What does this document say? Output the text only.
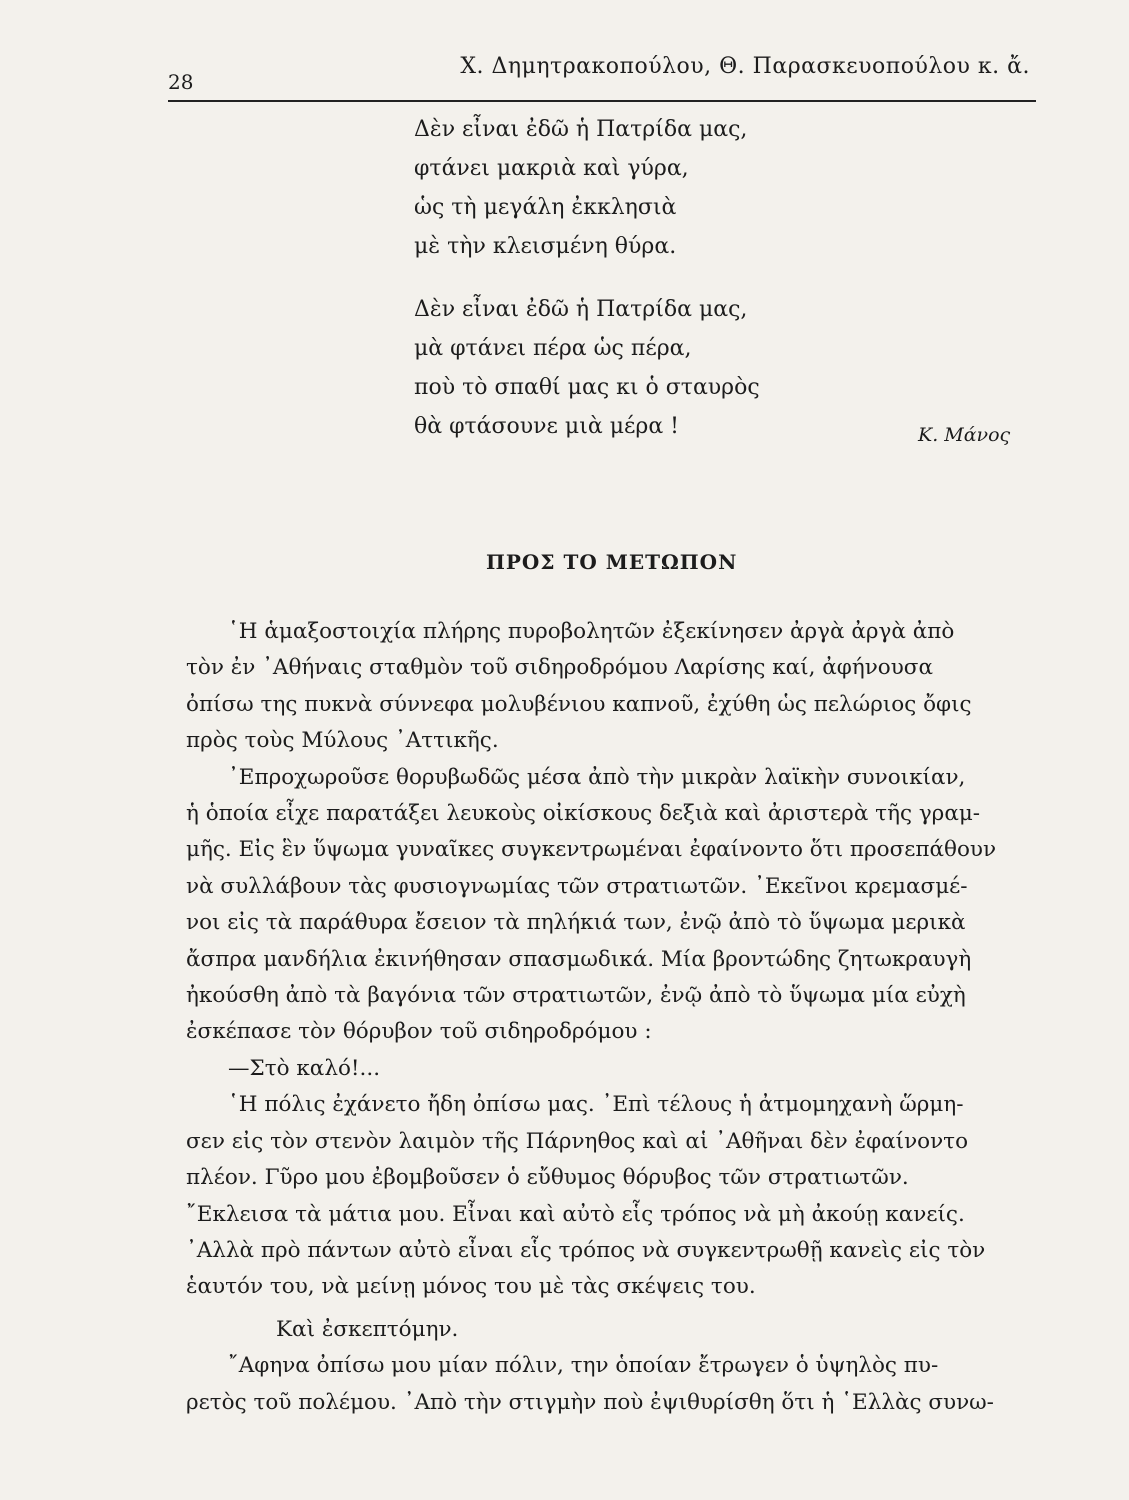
28
Χ. Δημητρακοπούλου, Θ. Παρασκευοπούλου κ. ἄ.
Δὲν εἶναι ἐδῶ ἡ Πατρίδα μας,
φτάνει μακριὰ καὶ γύρα,
ὡς τὴ μεγάλη ἐκκλησιὰ
μὲ τὴν κλεισμένη θύρα.
Δὲν εἶναι ἐδῶ ἡ Πατρίδα μας,
μὰ φτάνει πέρα ὡς πέρα,
ποὺ τὸ σπαθί μας κι ὁ σταυρὸς
θὰ φτάσουνε μιὰ μέρα !	Κ. Μάνος
ΠΡΟΣ ΤΟ ΜΕΤΩΠΟΝ
῾Η ἁμαξοστοιχία πλήρης πυροβολητῶν ἐξεκίνησεν ἀργὰ ἀργὰ ἀπὸ
τὸν ἐν ᾿Αθήναις σταθμὸν τοῦ σιδηροδρόμου Λαρίσης καί, ἀφήνουσα
ὀπίσω της πυκνὰ σύννεφα μολυβένιου καπνοῦ, ἐχύθη ὡς πελώριος ὄφις
πρὸς τοὺς Μύλους ᾿Αττικῆς.
᾿Επροχωροῦσε θορυβωδῶς μέσα ἀπὸ τὴν μικρὰν λαϊκὴν συνοικίαν,
ἡ ὁποία εἶχε παρατάξει λευκοὺς οἰκίσκους δεξιὰ καὶ ἀριστερὰ τῆς γραμ-
μῆς. Εἰς ἓν ὕψωμα γυναῖκες συγκεντρωμέναι ἐφαίνοντο ὅτι προσεπάθουν
νὰ συλλάβουν τὰς φυσιογνωμίας τῶν στρατιωτῶν. ᾿Εκεῖνοι κρεμασμέ-
νοι εἰς τὰ παράθυρα ἔσειον τὰ πηλήκιά των, ἐνῷ ἀπὸ τὸ ὕψωμα μερικὰ
ἄσπρα μανδήλια ἐκινήθησαν σπασμωδικά. Μία βροντώδης ζητωκραυγὴ
ἠκούσθη ἀπὸ τὰ βαγόνια τῶν στρατιωτῶν, ἐνῷ ἀπὸ τὸ ὕψωμα μία εὐχὴ
ἐσκέπασε τὸν θόρυβον τοῦ σιδηροδρόμου :
—Στὸ καλό!...
῾Η πόλις ἐχάνετο ἤδη ὀπίσω μας. ᾿Επὶ τέλους ἡ ἀτμομηχανὴ ὥρμη-
σεν εἰς τὸν στενὸν λαιμὸν τῆς Πάρνηθος καὶ αἱ ᾿Αθῆναι δὲν ἐφαίνοντο
πλέον. Γῦρο μου ἐβομβοῦσεν ὁ εὔθυμος θόρυβος τῶν στρατιωτῶν.
῎Εκλεισα τὰ μάτια μου. Εἶναι καὶ αὐτὸ εἷς τρόπος νὰ μὴ ἀκούῃ κανείς.
᾿Αλλὰ πρὸ πάντων αὐτὸ εἶναι εἷς τρόπος νὰ συγκεντρωθῇ κανεὶς εἰς τὸν
ἑαυτόν του, νὰ μείνῃ μόνος του μὲ τὰς σκέψεις του.
Καὶ ἐσκεπτόμην.
῎Αφηνα ὀπίσω μου μίαν πόλιν, την ὁποίαν ἔτρωγεν ὁ ὑψηλὸς πυ-
ρετὸς τοῦ πολέμου. ᾿Απὸ τὴν στιγμὴν ποὺ ἐψιθυρίσθη ὅτι ἡ ῾Ελλὰς συνω-
